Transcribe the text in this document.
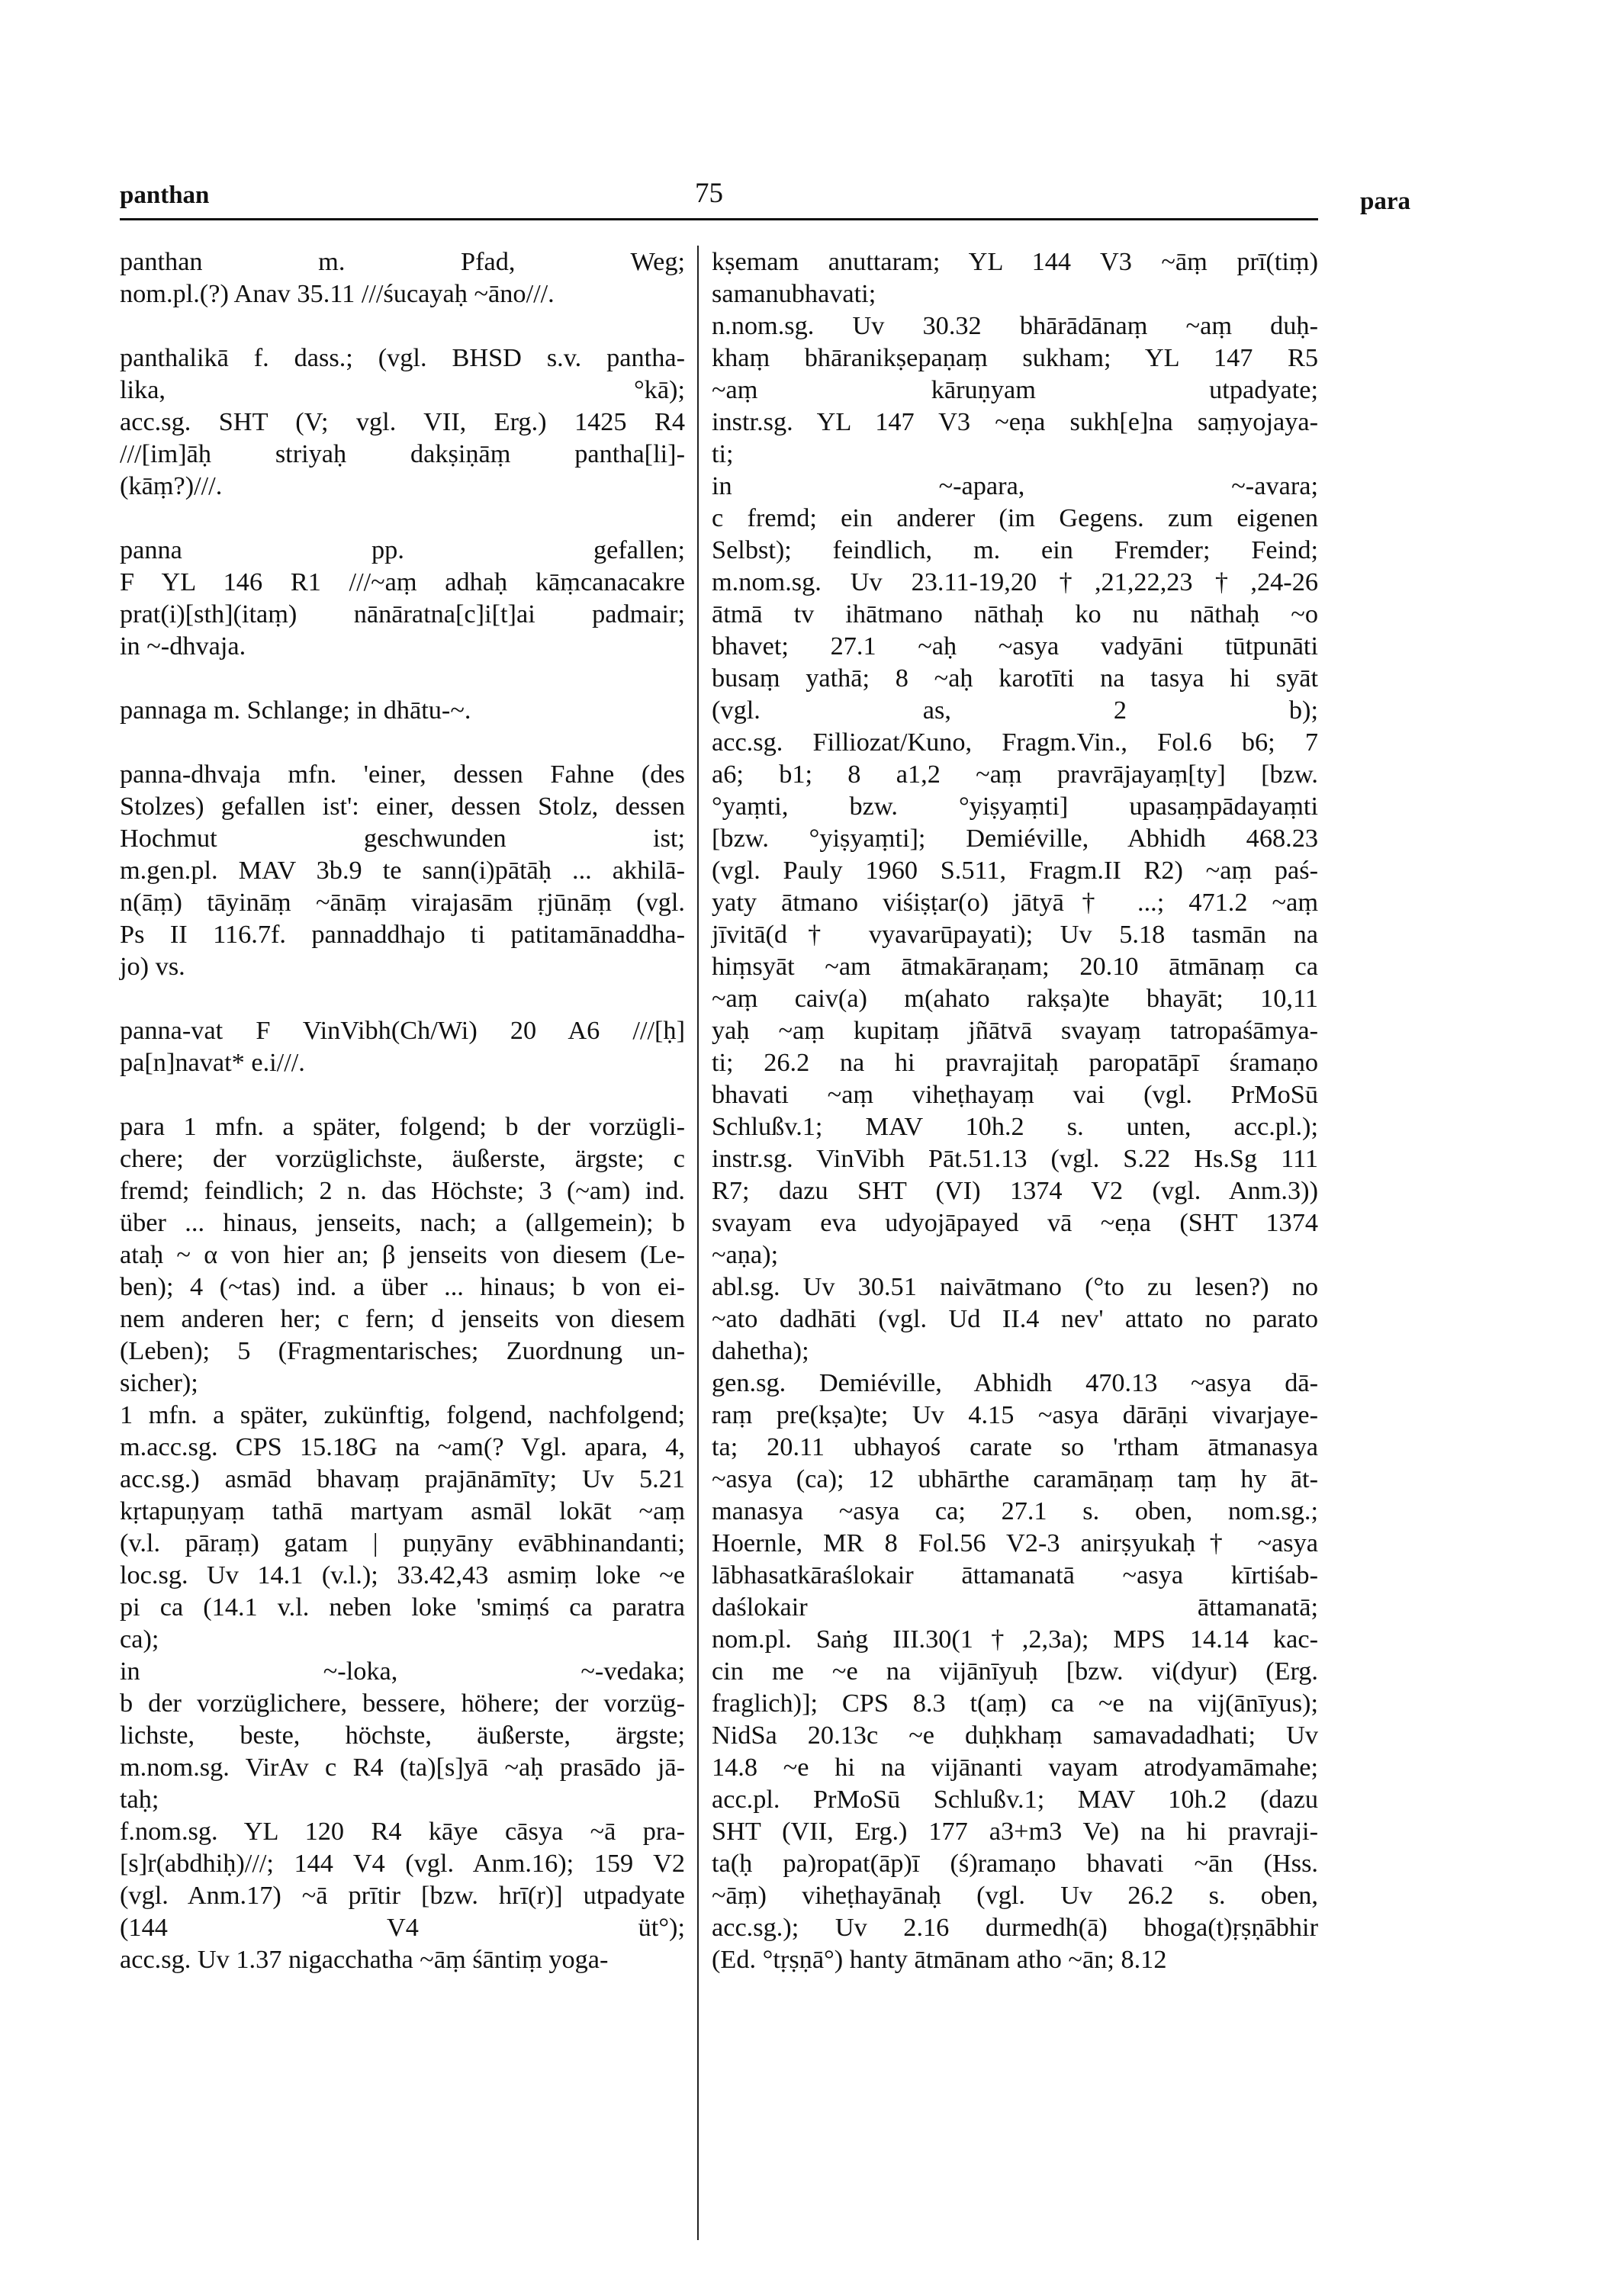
panthan	75	para
panthan m. Pfad, Weg;
nom.pl.(?) Anav 35.11 ///śucayaḥ ~āno///.
panthalikā f. dass.; (vgl. BHSD s.v. pantha-
lika, °kā);
acc.sg. SHT (V; vgl. VII, Erg.) 1425 R4
///[im]āḥ striyaḥ dakṣiṇāṃ pantha[li]-
(kāṃ?)///.
panna pp. gefallen;
F YL 146 R1 ///~aṃ adhaḥ kāṃcanacakre
prat(i)[sth](itaṃ) nānāratna[c]i[t]ai padmair;
in ~-dhvaja.
pannaga m. Schlange; in dhātu-~.
panna-dhvaja mfn. 'einer, dessen Fahne (des
Stolzes) gefallen ist': einer, dessen Stolz, dessen
Hochmut geschwunden ist;
m.gen.pl. MAV 3b.9 te sann(i)pātāḥ ... akhilā-
n(āṃ) tāyināṃ ~ānāṃ virajasām ṛjūnāṃ (vgl.
Ps II 116.7f. pannaddhajo ti patitamānaddha-
jo) vs.
panna-vat F VinVibh(Ch/Wi) 20 A6 ///[ḥ]
pa[n]navat* e.i///.
para 1 mfn. a später, folgend; b der vorzügli-
chere; der vorzüglichste, äußerste, ärgste; c
fremd; feindlich; 2 n. das Höchste; 3 (~am) ind.
über ... hinaus, jenseits, nach; a (allgemein); b
ataḥ ~ α von hier an; β jenseits von diesem (Le-
ben); 4 (~tas) ind. a über ... hinaus; b von ei-
nem anderen her; c fern; d jenseits von diesem
(Leben); 5 (Fragmentarisches; Zuordnung un-
sicher);
1 mfn. a später, zukünftig, folgend, nachfolgend;
m.acc.sg. CPS 15.18G na ~am(? Vgl. apara, 4,
acc.sg.) asmād bhavaṃ prajānāmīty; Uv 5.21
kṛtapuṇyaṃ tathā martyam asmāl lokāt ~aṃ
(v.l. pāraṃ) gatam | puṇyāny evābhinandanti;
loc.sg. Uv 14.1 (v.l.); 33.42,43 asmiṃ loke ~e
pi ca (14.1 v.l. neben loke 'smiṃś ca paratra
ca);
in ~-loka, ~-vedaka;
b der vorzüglichere, bessere, höhere; der vorzüg-
lichste, beste, höchste, äußerste, ärgste;
m.nom.sg. VirAv c R4 (ta)[s]yā ~aḥ prasādo jā-
taḥ;
f.nom.sg. YL 120 R4 kāye cāsya ~ā pra-
[s]r(abdhiḥ)///; 144 V4 (vgl. Anm.16); 159 V2
(vgl. Anm.17) ~ā prītir [bzw. hrī(r)] utpadyate
(144 V4 üt°);
acc.sg. Uv 1.37 nigacchatha ~āṃ śāntiṃ yoga-
kṣemam anuttaram; YL 144 V3 ~āṃ prī(tiṃ)
samanubhavati;
n.nom.sg. Uv 30.32 bhārādānaṃ ~aṃ duḥ-
khaṃ bhāranikṣepaṇaṃ sukham; YL 147 R5
~aṃ kāruṇyam utpadyate;
instr.sg. YL 147 V3 ~eṇa sukh[e]na saṃyojaya-
ti;
in ~-apara, ~-avara;
c fremd; ein anderer (im Gegens. zum eigenen
Selbst); feindlich, m. ein Fremder; Feind;
m.nom.sg. Uv 23.11-19,20†,21,22,23†,24-26
ātmā tv ihātmano nāthaḥ ko nu nāthaḥ ~o
bhavet; 27.1 ~aḥ ~asya vadyāni tūtpunāti
busaṃ yathā; 8 ~aḥ karotīti na tasya hi syāt
(vgl. as, 2 b);
acc.sg. Filliozat/Kuno, Fragm.Vin., Fol.6 b6; 7
a6; b1; 8 a1,2 ~aṃ pravrājayaṃ[ty] [bzw.
°yaṃti, bzw. °yiṣyaṃti] upasaṃpādayaṃti
[bzw. °yiṣyaṃti]; Demiéville, Abhidh 468.23
(vgl. Pauly 1960 S.511, Fragm.II R2) ~aṃ paś-
yaty ātmano viśiṣṭar(o) jātyā† ...; 471.2 ~aṃ
jīvitā(d† vyavarūpayati); Uv 5.18 tasmān na
hiṃsyāt ~am ātmakāraṇam; 20.10 ātmānaṃ ca
~aṃ caiv(a) m(ahato rakṣa)te bhayāt; 10,11
yaḥ ~aṃ kupitaṃ jñātvā svayaṃ tatropaśāmya-
ti; 26.2 na hi pravrajitaḥ paropatāpī śramaṇo
bhavati ~aṃ viheṭhayaṃ vai (vgl. PrMoSū
Schlußv.1; MAV 10h.2 s. unten, acc.pl.);
instr.sg. VinVibh Pāt.51.13 (vgl. S.22 Hs.Sg 111
R7; dazu SHT (VI) 1374 V2 (vgl. Anm.3))
svayam eva udyojāpayed vā ~eṇa (SHT 1374
~aṇa);
abl.sg. Uv 30.51 naivātmano (°to zu lesen?) no
~ato dadhāti (vgl. Ud II.4 nev' attato no parato
dahetha);
gen.sg. Demiéville, Abhidh 470.13 ~asya dā-
raṃ pre(kṣa)te; Uv 4.15 ~asya dārāṇi vivarjaye-
ta; 20.11 ubhayoś carate so 'rtham ātmanasya
~asya (ca); 12 ubhārthe caramāṇaṃ taṃ hy āt-
manasya ~asya ca; 27.1 s. oben, nom.sg.;
Hoernle, MR 8 Fol.56 V2-3 anirṣyukaḥ† ~asya
lābhasatkāraślokair āttamanatā ~asya kīrtiśab-
daślokair āttamanatā;
nom.pl. Saṅg III.30(1†,2,3a); MPS 14.14 kac-
cin me ~e na vijānīyuḥ [bzw. vi(dyur) (Erg.
fraglich)]; CPS 8.3 t(aṃ) ca ~e na vij(ānīyus);
NidSa 20.13c ~e duḥkhaṃ samavadadhati; Uv
14.8 ~e hi na vijānanti vayam atrodyamāmahe;
acc.pl. PrMoSū Schlußv.1; MAV 10h.2 (dazu
SHT (VII, Erg.) 177 a3+m3 Ve) na hi pravraji-
ta(ḥ pa)ropat(āp)ī (ś)ramaṇo bhavati ~ān (Hss.
~āṃ) viheṭhayānaḥ (vgl. Uv 26.2 s. oben,
acc.sg.); Uv 2.16 durmedh(ā) bhoga(t)ṛṣṇābhir
(Ed. °tṛṣṇā°) hanty ātmānam atho ~ān; 8.12
